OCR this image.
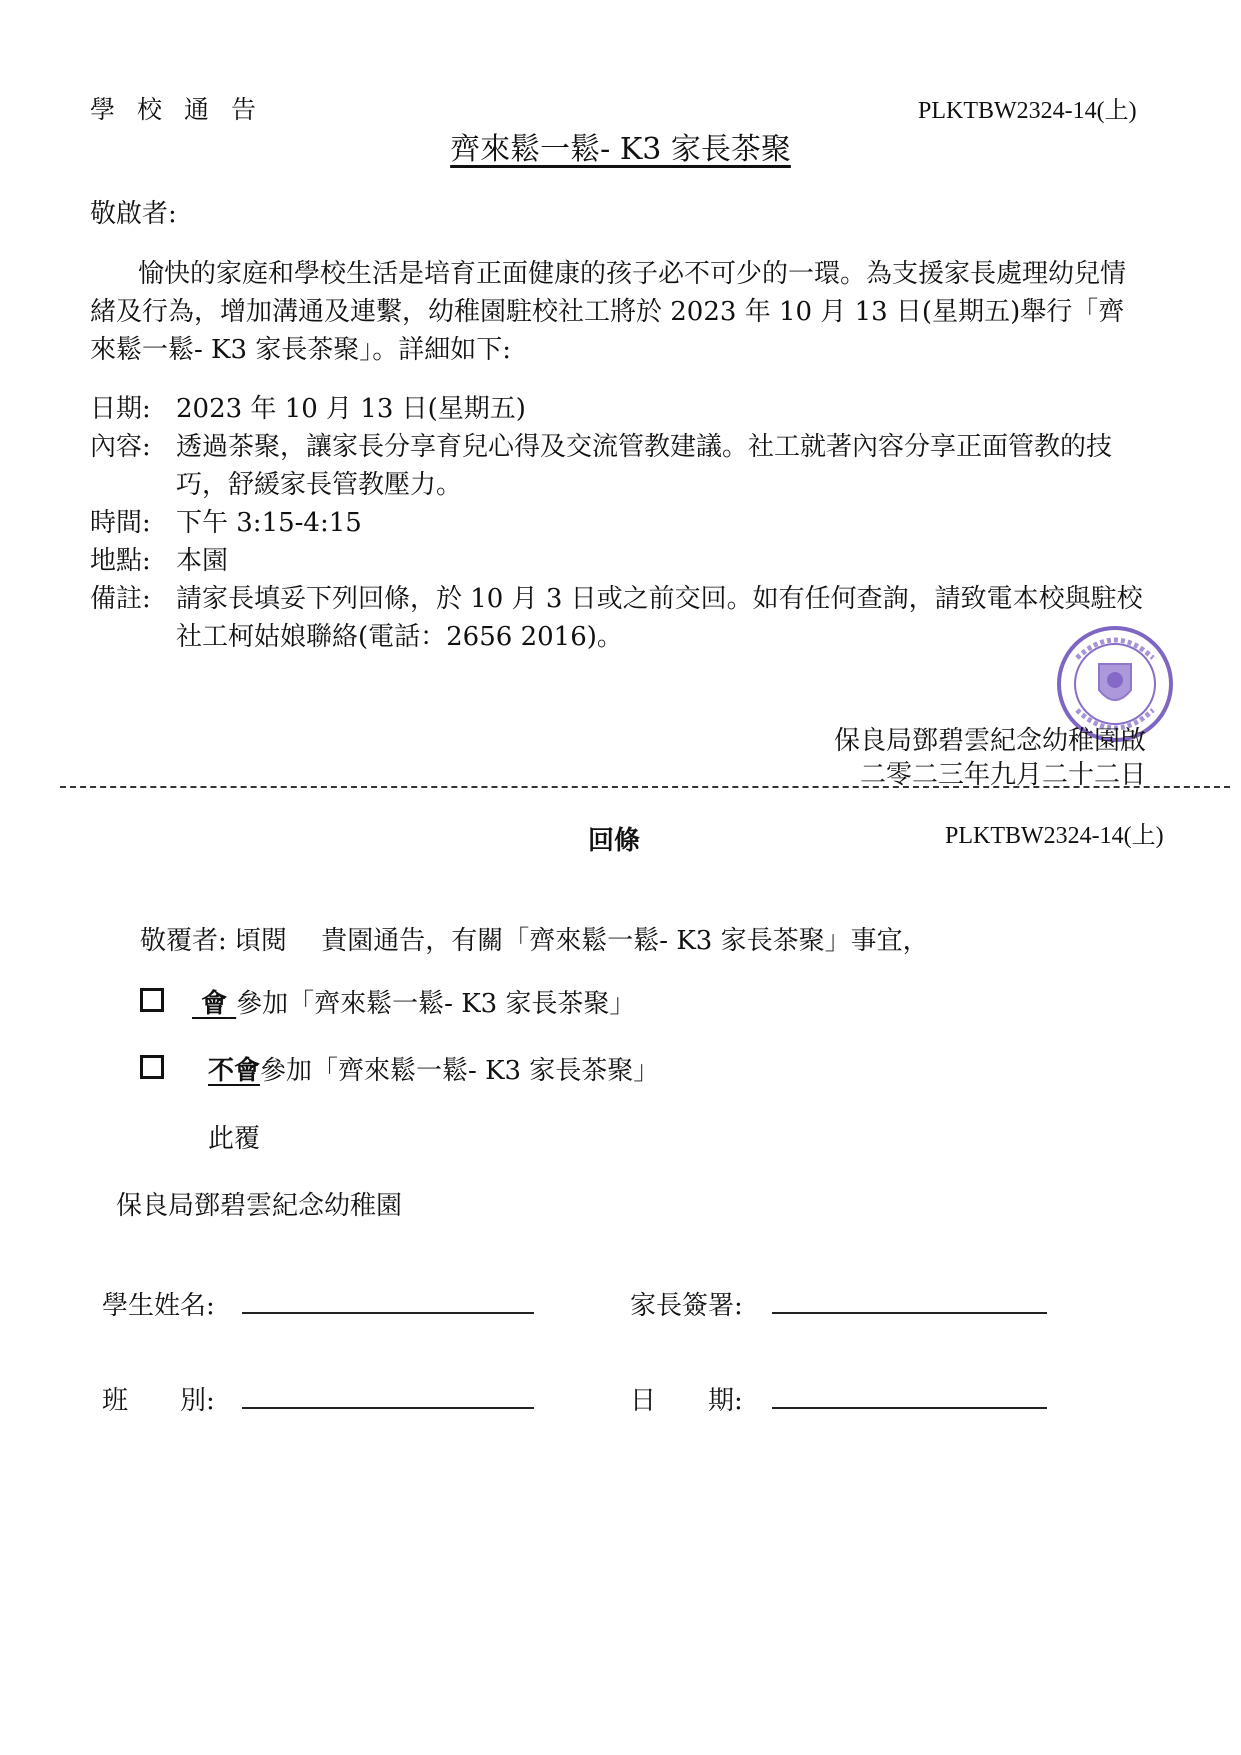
學校通告	PLKTBW2324-14(上)
齊來鬆一鬆- K3 家長茶聚
敬啟者:
愉快的家庭和學校生活是培育正面健康的孩子必不可少的一環。為支援家長處理幼兒情緒及行為，增加溝通及連繫，幼稚園駐校社工將於 2023 年 10 月 13 日(星期五)舉行「齊來鬆一鬆- K3 家長茶聚」。詳細如下:
日期: 2023 年 10 月 13 日(星期五)
內容: 透過茶聚，讓家長分享育兒心得及交流管教建議。社工就著內容分享正面管教的技巧，舒緩家長管教壓力。
時間: 下午 3:15-4:15
地點: 本園
備註: 請家長填妥下列回條，於 10 月 3 日或之前交回。如有任何查詢，請致電本校與駐校社工柯姑娘聯絡(電話：2656 2016)。
保良局鄧碧雲紀念幼稚園啟
二零二三年九月二十二日
回條	PLKTBW2324-14(上)
敬覆者: 頃閱　 貴園通告，有關「齊來鬆一鬆- K3 家長茶聚」事宜，
會 參加「齊來鬆一鬆- K3 家長茶聚」
不會參加「齊來鬆一鬆- K3 家長茶聚」
此覆
保良局鄧碧雲紀念幼稚園
學生姓名:	家長簽署:
班　　別:	日　　期:
